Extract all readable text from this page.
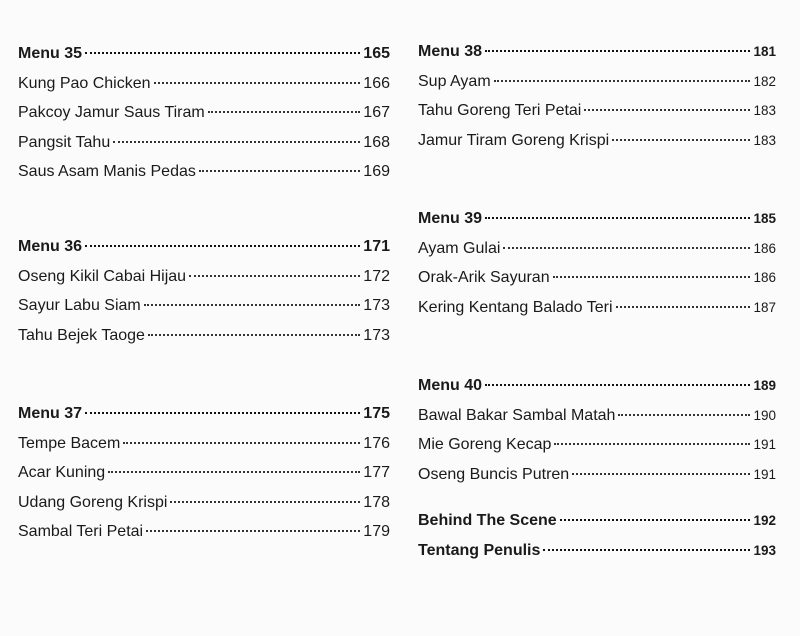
Menu 35	165
Kung Pao Chicken	166
Pakcoy Jamur Saus Tiram	167
Pangsit Tahu	168
Saus Asam Manis Pedas	169
Menu 36	171
Oseng Kikil Cabai Hijau	172
Sayur Labu Siam	173
Tahu Bejek Taoge	173
Menu 37	175
Tempe Bacem	176
Acar Kuning	177
Udang Goreng Krispi	178
Sambal Teri Petai	179
Menu 38	181
Sup Ayam	182
Tahu Goreng Teri Petai	183
Jamur Tiram Goreng Krispi	183
Menu 39	185
Ayam Gulai	186
Orak-Arik Sayuran	186
Kering Kentang Balado Teri	187
Menu 40	189
Bawal Bakar Sambal Matah	190
Mie Goreng Kecap	191
Oseng Buncis Putren	191
Behind The Scene	192
Tentang Penulis	193
